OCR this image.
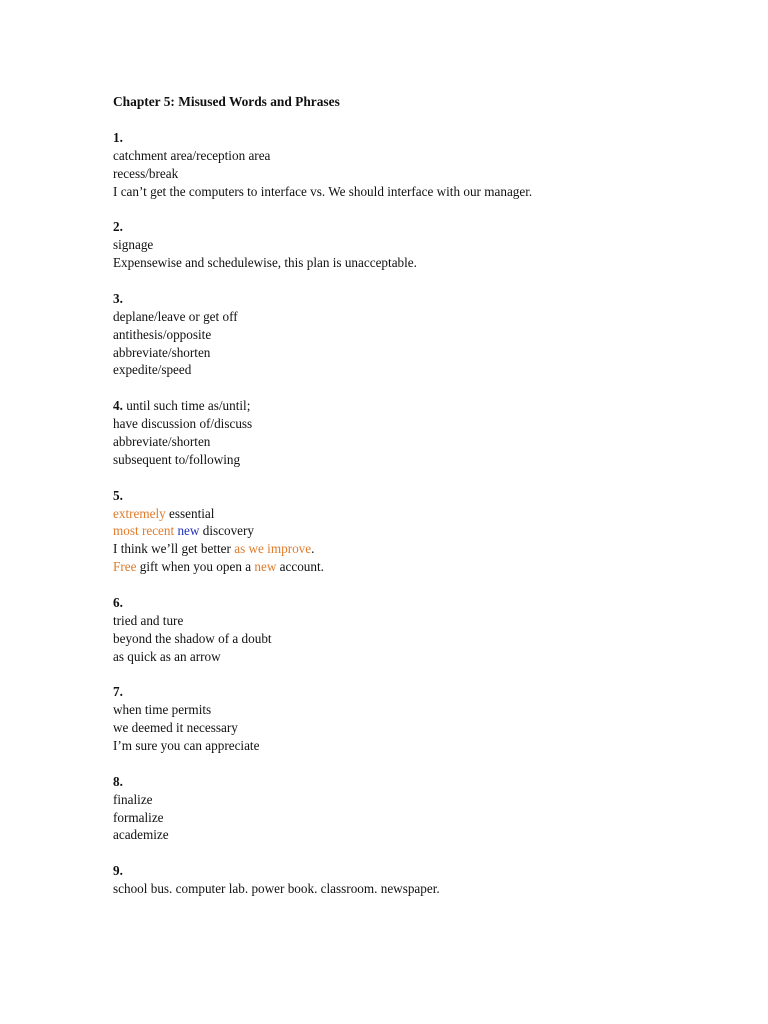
Chapter 5: Misused Words and Phrases
1.
catchment area/reception area
recess/break
I can’t get the computers to interface vs. We should interface with our manager.
2.
signage
Expensewise and schedulewise, this plan is unacceptable.
3.
deplane/leave or get off
antithesis/opposite
abbreviate/shorten
expedite/speed
4. until such time as/until;
have discussion of/discuss
abbreviate/shorten
subsequent to/following
5.
extremely essential
most recent new discovery
I think we’ll get better as we improve.
Free gift when you open a new account.
6.
tried and ture
beyond the shadow of a doubt
as quick as an arrow
7.
when time permits
we deemed it necessary
I’m sure you can appreciate
8.
finalize
formalize
academize
9.
school bus. computer lab. power book. classroom. newspaper.
